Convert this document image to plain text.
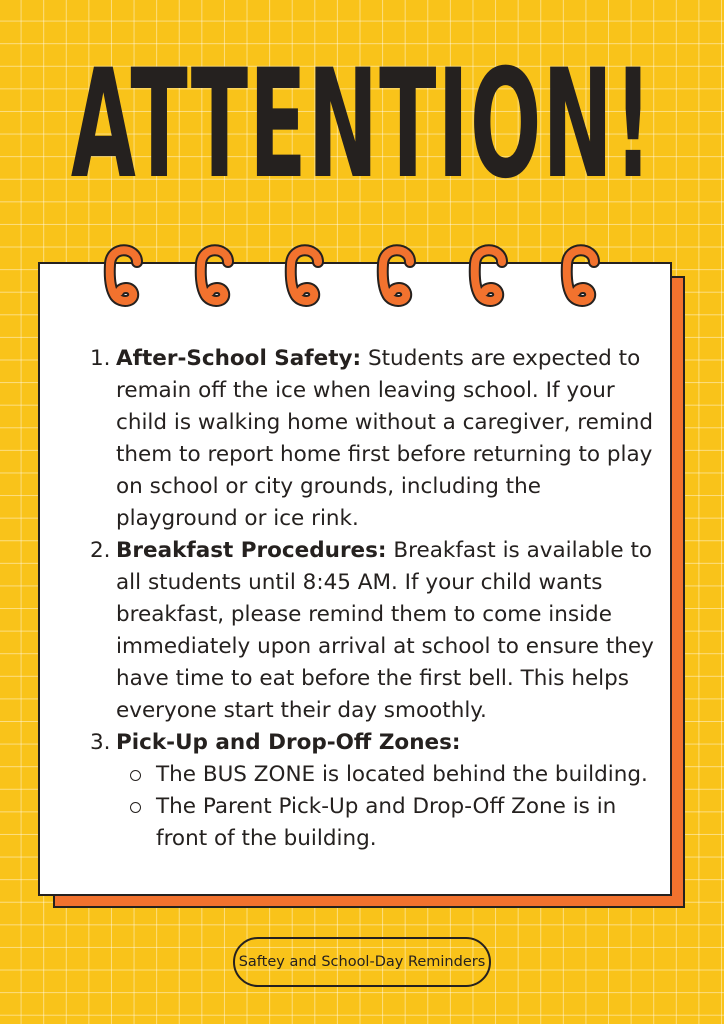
ATTENTION!
1. After-School Safety: Students are expected to remain off the ice when leaving school. If your child is walking home without a caregiver, remind them to report home first before returning to play on school or city grounds, including the playground or ice rink.
2. Breakfast Procedures: Breakfast is available to all students until 8:45 AM. If your child wants breakfast, please remind them to come inside immediately upon arrival at school to ensure they have time to eat before the first bell. This helps everyone start their day smoothly.
3. Pick-Up and Drop-Off Zones:
The BUS ZONE is located behind the building.
The Parent Pick-Up and Drop-Off Zone is in front of the building.
Saftey and School-Day Reminders
